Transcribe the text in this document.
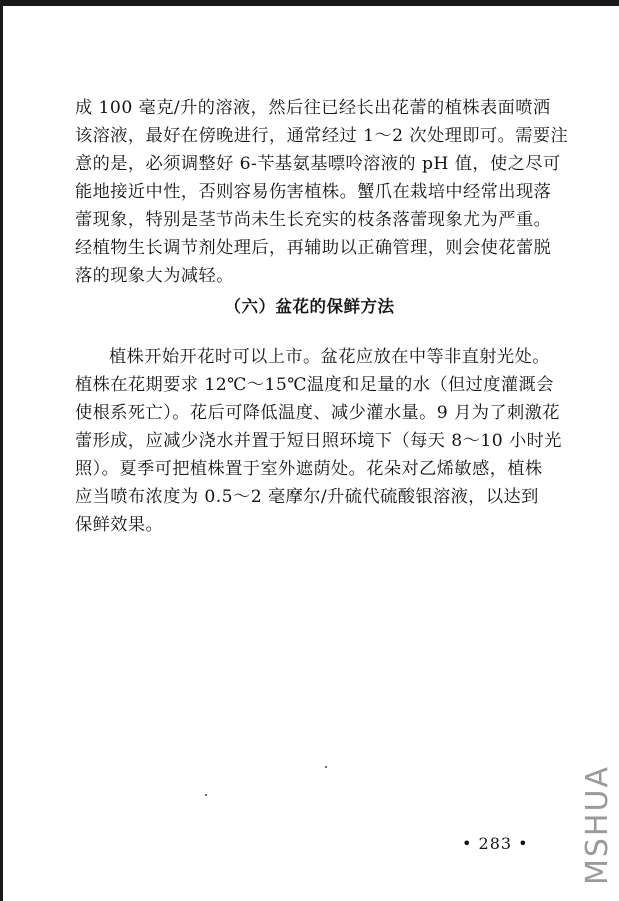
成 100 毫克/升的溶液，然后往已经长出花蕾的植株表面喷洒
该溶液，最好在傍晚进行，通常经过 1～2 次处理即可。需要注
意的是，必须调整好 6-苄基氨基嘌呤溶液的 pH 值，使之尽可
能地接近中性，否则容易伤害植株。蟹爪在栽培中经常出现落
蕾现象，特别是茎节尚未生长充实的枝条落蕾现象尤为严重。
经植物生长调节剂处理后，再辅助以正确管理，则会使花蕾脱
落的现象大为减轻。
（六）盆花的保鲜方法
植株开始开花时可以上市。盆花应放在中等非直射光处。
植株在花期要求 12℃～15℃温度和足量的水（但过度灌溉会
使根系死亡）。花后可降低温度、减少灌水量。9 月为了刺激花
蕾形成，应减少浇水并置于短日照环境下（每天 8～10 小时光
照）。夏季可把植株置于室外遮荫处。花朵对乙烯敏感，植株
应当喷布浓度为 0.5～2 毫摩尔/升硫代硫酸银溶液，以达到
保鲜效果。
• 283 • MSHUA
